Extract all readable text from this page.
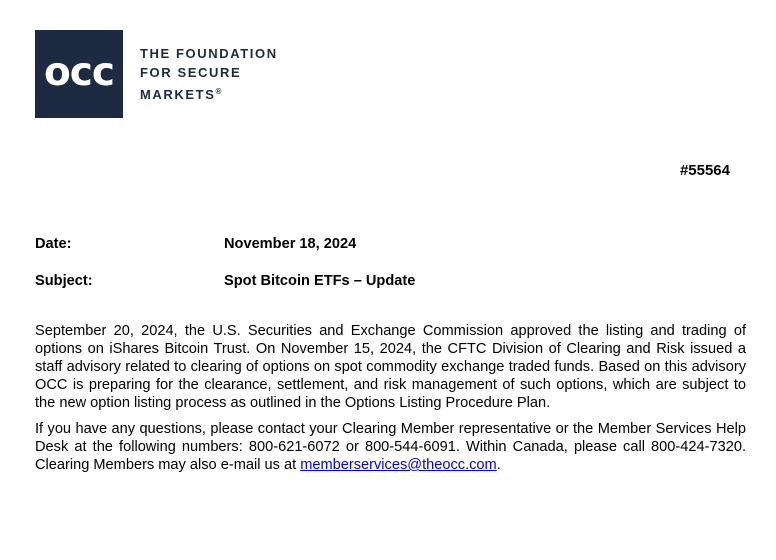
occ THE FOUNDATION
FOR SECURE
MARKETS®
#55564
Date:	November 18, 2024
Subject:	Spot Bitcoin ETFs – Update

September 20, 2024, the U.S. Securities and Exchange Commission approved the listing and trading of options on iShares Bitcoin Trust. On November 15, 2024, the CFTC Division of Clearing and Risk issued a staff advisory related to clearing of options on spot commodity exchange traded funds. Based on this advisory OCC is preparing for the clearance, settlement, and risk management of such options, which are subject to the new option listing process as outlined in the Options Listing Procedure Plan.

If you have any questions, please contact your Clearing Member representative or the Member Services Help Desk at the following numbers: 800-621-6072 or 800-544-6091. Within Canada, please call 800-424-7320. Clearing Members may also e-mail us at memberservices@theocc.com.
